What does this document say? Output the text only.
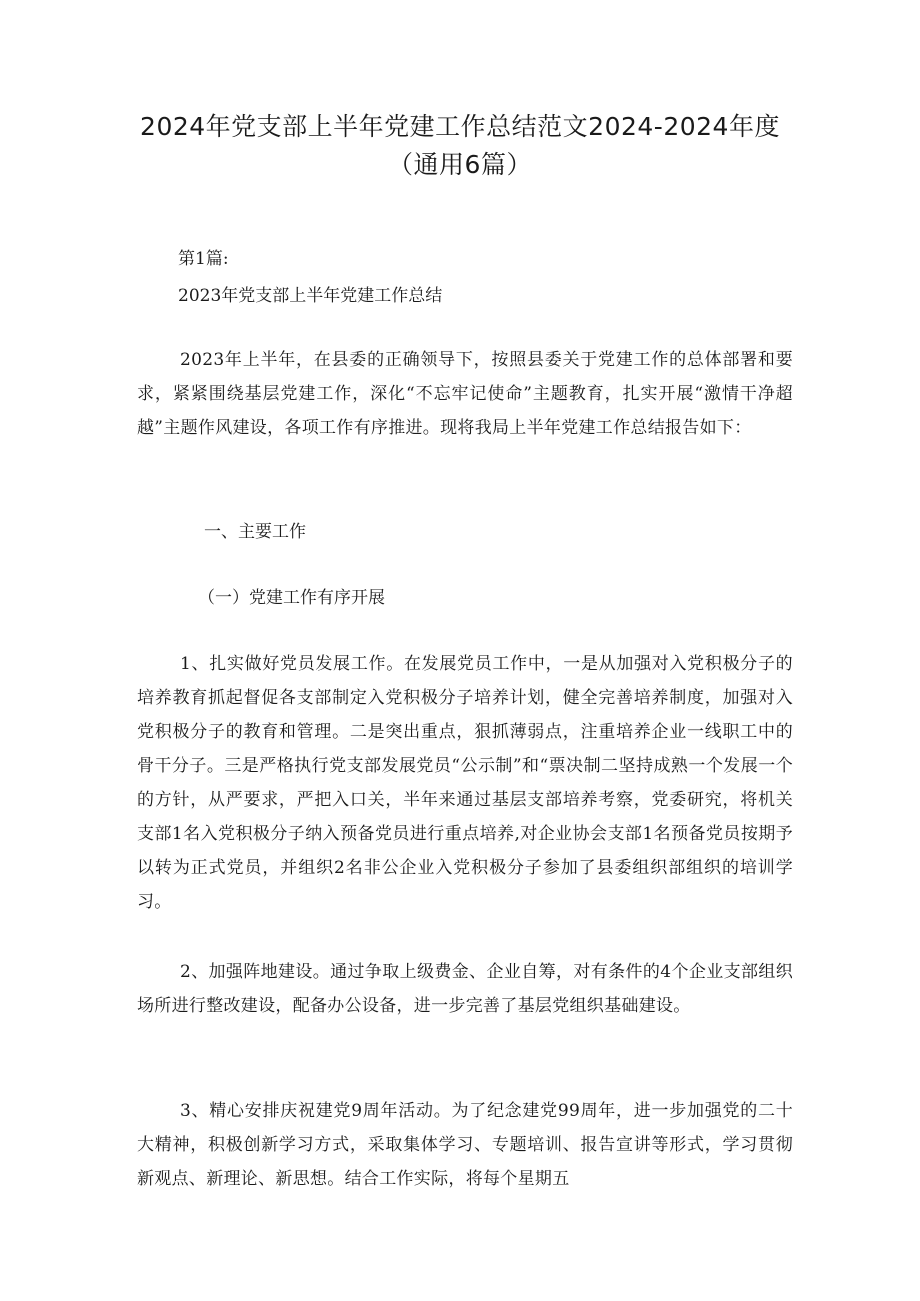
2024年党支部上半年党建工作总结范文2024-2024年度
（通用6篇）
第1篇:
2023年党支部上半年党建工作总结

2023年上半年，在县委的正确领导下，按照县委关于党建工作的总体部署和要求，紧紧围绕基层党建工作，深化“不忘牢记使命”主题教育，扎实开展“激情干净超越”主题作风建设，各项工作有序推进。现将我局上半年党建工作总结报告如下：

一、主要工作
（一）党建工作有序开展

1、扎实做好党员发展工作。在发展党员工作中，一是从加强对入党积极分子的培养教育抓起督促各支部制定入党积极分子培养计划，健全完善培养制度，加强对入党积极分子的教育和管理。二是突出重点，狠抓薄弱点，注重培养企业一线职工中的骨干分子。三是严格执行党支部发展党员“公示制”和“票决制二坚持成熟一个发展一个的方针，从严要求，严把入口关，半年来通过基层支部培养考察，党委研究，将机关支部1名入党积极分子纳入预备党员进行重点培养,对企业协会支部1名预备党员按期予以转为正式党员，并组织2名非公企业入党积极分子参加了县委组织部组织的培训学习。

2、加强阵地建设。通过争取上级费金、企业自筹，对有条件的4个企业支部组织场所进行整改建设，配备办公设备，进一步完善了基层党组织基础建设。

3、精心安排庆祝建党9周年活动。为了纪念建党99周年，进一步加强党的二十大精神，积极创新学习方式，采取集体学习、专题培训、报告宣讲等形式，学习贯彻新观点、新理论、新思想。结合工作实际，将每个星期五
